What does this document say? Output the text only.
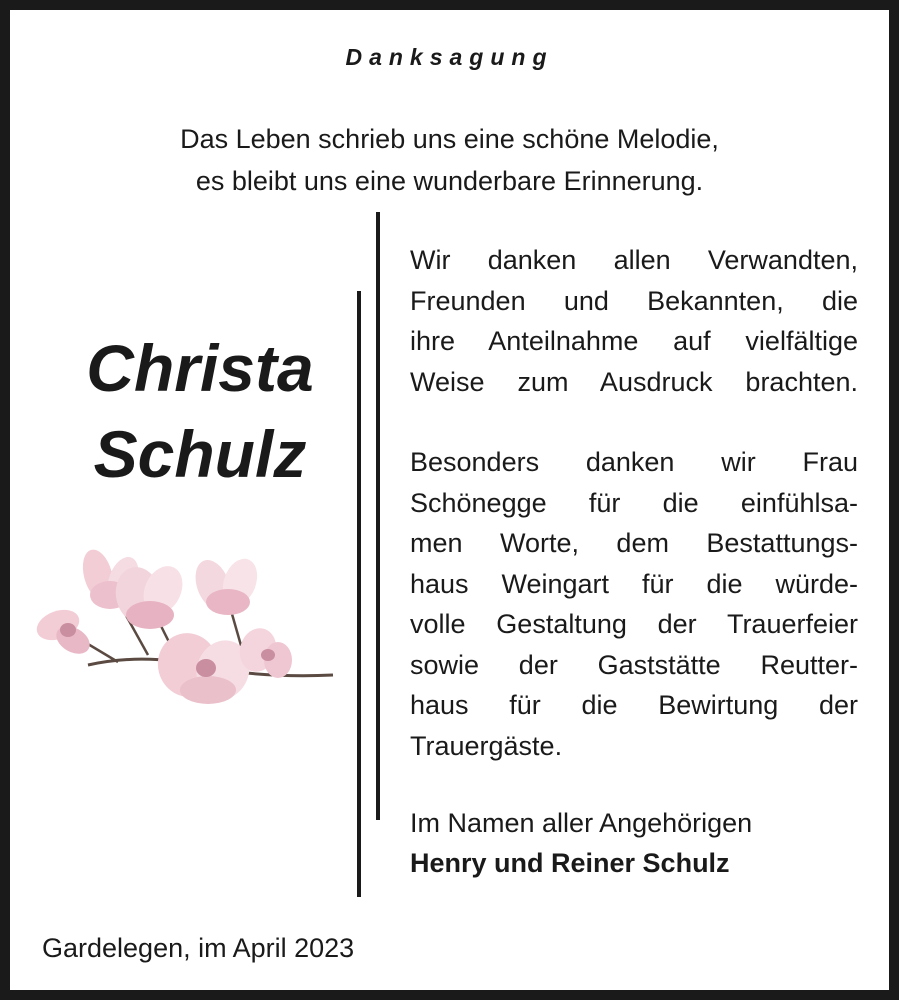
Danksagung
Das Leben schrieb uns eine schöne Melodie,
es bleibt uns eine wunderbare Erinnerung.
Christa
Schulz
Wir danken allen Verwandten,
Freunden und Bekannten, die
ihre Anteilnahme auf vielfältige
Weise zum Ausdruck brachten.
Besonders danken wir Frau
Schönegge für die einfühlsa-
men Worte, dem Bestattungs-
haus Weingart für die würde-
volle Gestaltung der Trauerfeier
sowie der Gaststätte Reutter-
haus für die Bewirtung der
Trauergäste.
Im Namen aller Angehörigen
Henry und Reiner Schulz
Gardelegen, im April 2023
